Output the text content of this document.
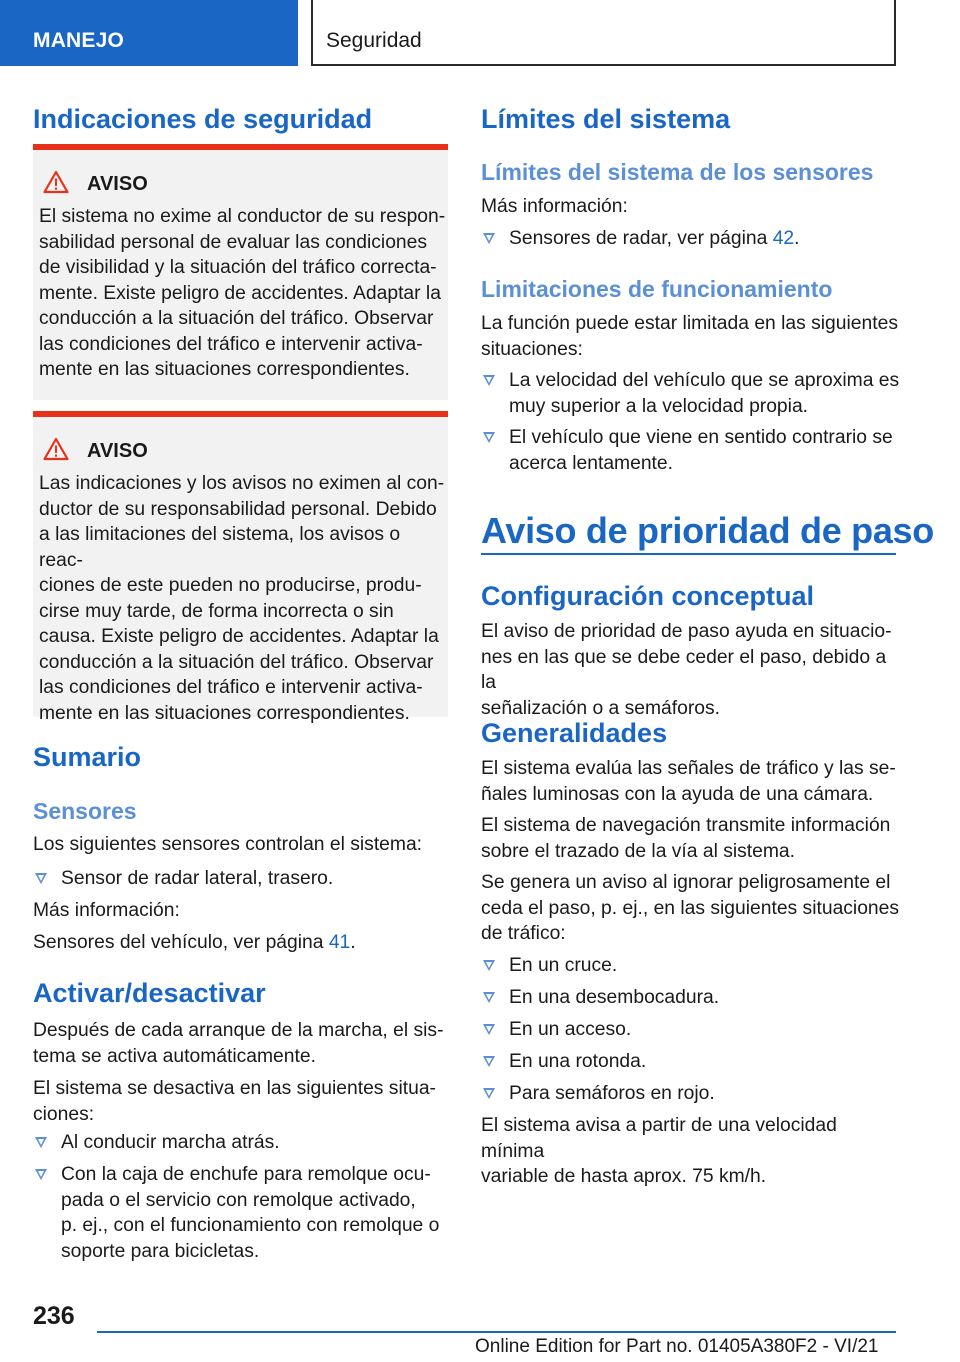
MANEJO	Seguridad
Indicaciones de seguridad
AVISO
El sistema no exime al conductor de su respon-
sabilidad personal de evaluar las condiciones
de visibilidad y la situación del tráfico correcta-
mente. Existe peligro de accidentes. Adaptar la
conducción a la situación del tráfico. Observar
las condiciones del tráfico e intervenir activa-
mente en las situaciones correspondientes.
AVISO
Las indicaciones y los avisos no eximen al con-
ductor de su responsabilidad personal. Debido
a las limitaciones del sistema, los avisos o reac-
ciones de este pueden no producirse, produ-
cirse muy tarde, de forma incorrecta o sin
causa. Existe peligro de accidentes. Adaptar la
conducción a la situación del tráfico. Observar
las condiciones del tráfico e intervenir activa-
mente en las situaciones correspondientes.
Sumario
Sensores
Los siguientes sensores controlan el sistema:
Sensor de radar lateral, trasero.
Más información:
Sensores del vehículo, ver página 41.
Activar/desactivar
Después de cada arranque de la marcha, el sis-
tema se activa automáticamente.
El sistema se desactiva en las siguientes situa-
ciones:
Al conducir marcha atrás.
Con la caja de enchufe para remolque ocu-
pada o el servicio con remolque activado,
p. ej., con el funcionamiento con remolque o
soporte para bicicletas.
Límites del sistema
Límites del sistema de los sensores
Más información:
Sensores de radar, ver página 42.
Limitaciones de funcionamiento
La función puede estar limitada en las siguientes
situaciones:
La velocidad del vehículo que se aproxima es
muy superior a la velocidad propia.
El vehículo que viene en sentido contrario se
acerca lentamente.
Aviso de prioridad de paso
Configuración conceptual
El aviso de prioridad de paso ayuda en situacio-
nes en las que se debe ceder el paso, debido a la
señalización o a semáforos.
Generalidades
El sistema evalúa las señales de tráfico y las se-
ñales luminosas con la ayuda de una cámara.
El sistema de navegación transmite información
sobre el trazado de la vía al sistema.
Se genera un aviso al ignorar peligrosamente el
ceda el paso, p. ej., en las siguientes situaciones
de tráfico:
En un cruce.
En una desembocadura.
En un acceso.
En una rotonda.
Para semáforos en rojo.
El sistema avisa a partir de una velocidad mínima
variable de hasta aprox. 75 km/h.
236
Online Edition for Part no. 01405A380F2 - VI/21
